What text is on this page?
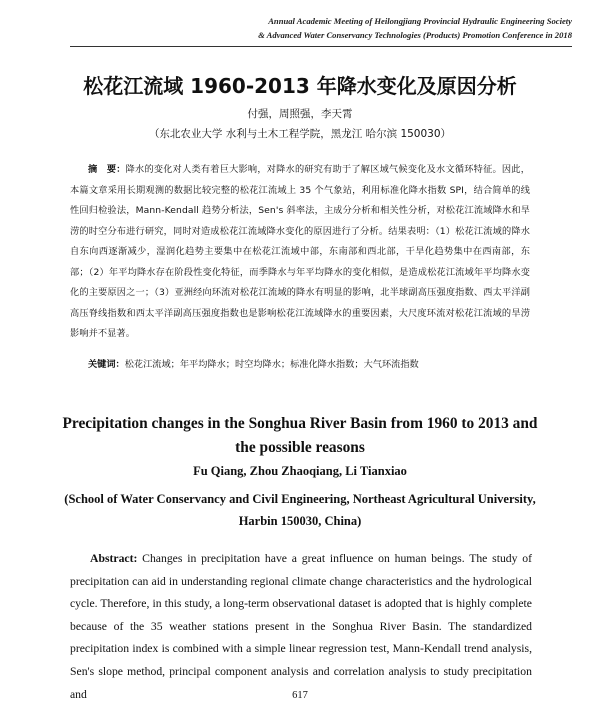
Annual Academic Meeting of Heilongjiang Provincial Hydraulic Engineering Society
& Advanced Water Conservancy Technologies (Products) Promotion Conference in 2018
松花江流域 1960-2013 年降水变化及原因分析
付强，周照强，李天霄
（东北农业大学 水利与土木工程学院，黑龙江 哈尔滨 150030）

摘　要：降水的变化对人类有着巨大影响，对降水的研究有助于了解区域气候变化及水文循环特征。因此，本篇文章采用长期观测的数据比较完整的松花江流域上 35 个气象站，利用标准化降水指数 SPI，结合简单的线性回归检验法，Mann-Kendall 趋势分析法，Sen's 斜率法，主成分分析和相关性分析，对松花江流域降水和旱涝的时空分布进行研究，同时对造成松花江流域降水变化的原因进行了分析。结果表明：（1）松花江流域的降水自东向西逐渐减少，湿润化趋势主要集中在松花江流域中部，东南部和西北部，干旱化趋势集中在西南部，东部；（2）年平均降水存在阶段性变化特征，而季降水与年平均降水的变化相似，是造成松花江流域年平均降水变化的主要原因之一；（3）亚洲经向环流对松花江流域的降水有明显的影响，北半球副高压强度指数、西太平洋副高压脊线指数和西太平洋副高压强度指数也是影响松花江流域降水的重要因素，大尺度环流对松花江流域的旱涝影响并不显著。

关键词：松花江流域；年平均降水；时空均降水；标准化降水指数；大气环流指数

Precipitation changes in the Songhua River Basin from 1960 to 2013 and the possible reasons
Fu Qiang, Zhou Zhaoqiang, Li Tianxiao
(School of Water Conservancy and Civil Engineering, Northeast Agricultural University, Harbin 150030, China)

Abstract: Changes in precipitation have a great influence on human beings. The study of precipitation can aid in understanding regional climate change characteristics and the hydrological cycle. Therefore, in this study, a long-term observational dataset is adopted that is highly complete because of the 35 weather stations present in the Songhua River Basin. The standardized precipitation index is combined with a simple linear regression test, Mann-Kendall trend analysis, Sen's slope method, principal component analysis and correlation analysis to study precipitation and	617
